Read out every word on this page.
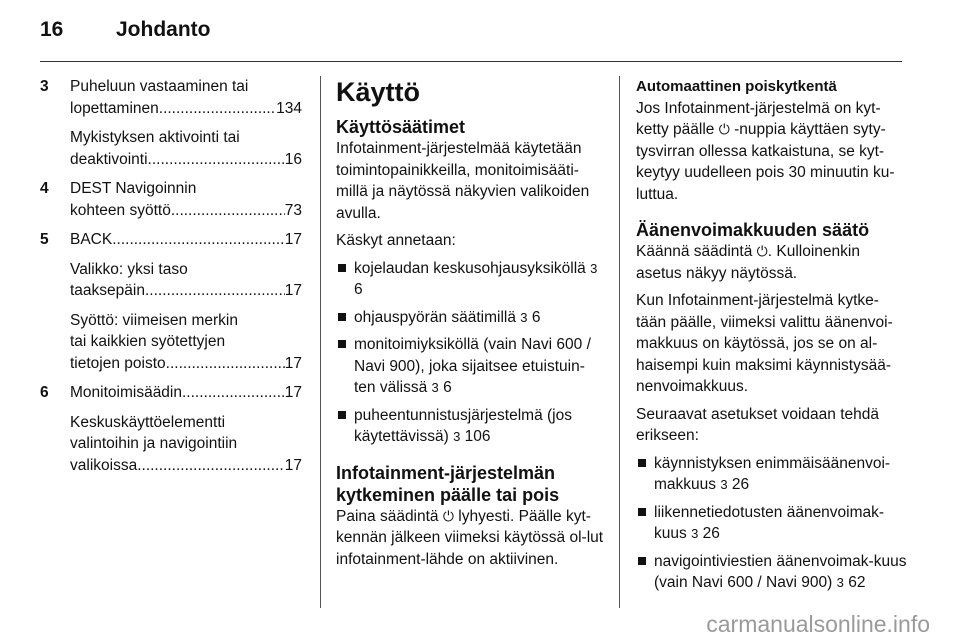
16	Johdanto
3	Puheluun vastaaminen tai
lopettaminen .....	134
Mykistyksen aktivointi tai
deaktivointi .....	16
4	DEST Navigoinnin
kohteen syöttö .....	73
5	BACK .....	17
Valikko: yksi taso
taaksepäin .....	17
Syöttö: viimeisen merkin
tai kaikkien syötettyjen
tietojen poisto .....	17
6	Monitoimisäädin .....	17
Keskuskäyttöelementti
valintoihin ja navigointiin
valikoissa .....	17
Käyttö
Käyttösäätimet

Infotainment-järjestelmää käytetään toimintopainikkeilla, monitoimisääti-millä ja näytössä näkyvien valikoiden avulla.

Käskyt annetaan:

kojelaudan keskusohjausyksiköllä 3 6
ohjauspyörän säätimillä 3 6
monitoimiyksiköllä (vain Navi 600 / Navi 900), joka sijaitsee etuistuin-ten välissä 3 6
puheentunnistusjärjestelmä (jos käytettävissä) 3 106
Infotainment-järjestelmän kytkeminen päälle tai pois

Paina säädintä ⏻ lyhyesti. Päälle kyt-kennän jälkeen viimeksi käytössä ol-lut infotainment-lähde on aktiivinen.

Automaattinen poiskytkentä

Jos Infotainment-järjestelmä on kyt-ketty päälle ⏻ -nuppia käyttäen syty-tysvirran ollessa katkaistuna, se kyt-keytyy uudelleen pois 30 minuutin ku-luttua.

Äänenvoimakkuuden säätö

Käännä säädintä ⏻. Kulloinenkin asetus näkyy näytössä.

Kun Infotainment-järjestelmä kytke-tään päälle, viimeksi valittu äänenvoi-makkuus on käytössä, jos se on al-haisempi kuin maksimi käynnistysää-nenvoimakkuus.

Seuraavat asetukset voidaan tehdä erikseen:

käynnistyksen enimmäisäänenvoi-makkuus 3 26
liikennetiedotusten äänenvoimak-kuus 3 26
navigointiviestien äänenvoimak-kuus (vain Navi 600 / Navi 900) 3 62
carmanualsonline.info
